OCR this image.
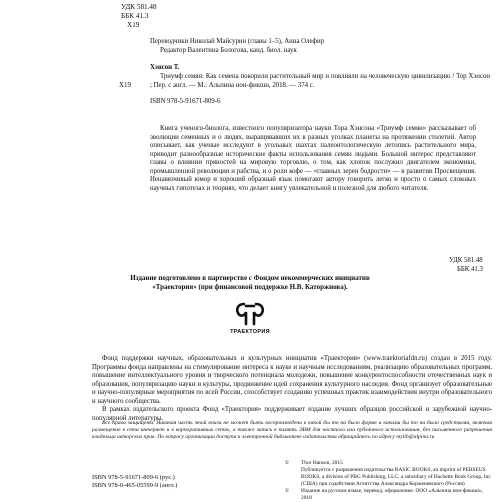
УДК 581.48
ББК 41.3
Х19
Переводчики Николай Майсурин (главы 1–5), Анна Олефир
Редактор Валентина Бологова, канд. биол. наук
Х19
Хэнсон Т.
Триумф семян: Как семена покорили растительный мир и повлияли на человеческую цивилизацию / Тор Хэнсон ; Пер. с англ. — М.: Альпина нон-фикшн, 2018. — 374 с.
ISBN 978-5-91671-809-6
Книга ученого-биолога, известного популяризатора науки Тора Хэнсона «Триумф семян» рассказывает об эволюции семенных и о людях, выращивавших их в разных уголках планеты на протяжении столетий. Автор описывает, как ученые исследуют в угольных шахтах палеонтологическую летопись растительного мира, приводит разнообразные исторические факты использования семян людьми. Большой интерес представляют главы о влиянии пряностей на мировую торговлю, о том, как хлопок послужил двигателем экономики, промышленной революции и рабства, и о роли кофе — «главных зерен бодрости» — в развитии Просвещения. Ненавязчивый юмор и хороший образный язык помогают автору говорить легко и просто о самых сложных научных гипотезах и теориях, что делает книгу увлекательной и полезной для любого читателя.
УДК 581.48
ББК 41.3
Издание подготовлено в партнерстве с Фондом некоммерческих инициатив «Траектория» (при финансовой поддержке Н.В. Каторжнова).
ТРАЕКТОРИЯ

Фонд поддержки научных, образовательных и культурных инициатив «Траектория» (www.traektoriafdn.ru) создан в 2015 году. Программы фонда направлены на стимулирование интереса к науке и научным исследованиям, реализацию образовательных программ, повышение интеллектуального уровня и творческого потенциала молодежи, повышение конкурентоспособности отечественных наук и образования, популяризацию науки и культуры, продвижение идей сохранения культурного наследия. Фонд организует образовательные и научно-популярные мероприятия по всей России, способствует созданию успешных практик взаимодействия внутри образовательного и научного сообщества.

В рамках издательского проекта Фонд «Траектория» поддерживает издание лучших образцов российской и зарубежной научно-популярной литературы.

Все права защищены. Никакая часть этой книги не может быть воспроизведена в какой бы то ни было форме и какими бы то ни было средствами, включая размещение в сети интернет и в корпоративных сетях, а также запись в память ЭВМ для частного или публичного использования, без письменного разрешения владельца авторских прав. По вопросу организации доступа к электронной библиотеке издательства обращайтесь по адресу mylib@alpina.ru

ISBN 978-5-91671-809-6 (рус.)
ISBN 978-0-465-05599-9 (англ.)
© Thor Hanson, 2015
Публикуется с разрешения издательства BASIC BOOKS, an imprint of PERSEUS BOOKS, a division of PBG Publishing, LLC, a subsidiary of Hachette Book Group, Inc (США) при содействии Агентства Александра Корженевского (Россия)
© Издание на русском языке, перевод, оформление. ООО «Альпина нон-фикшн», 2018
